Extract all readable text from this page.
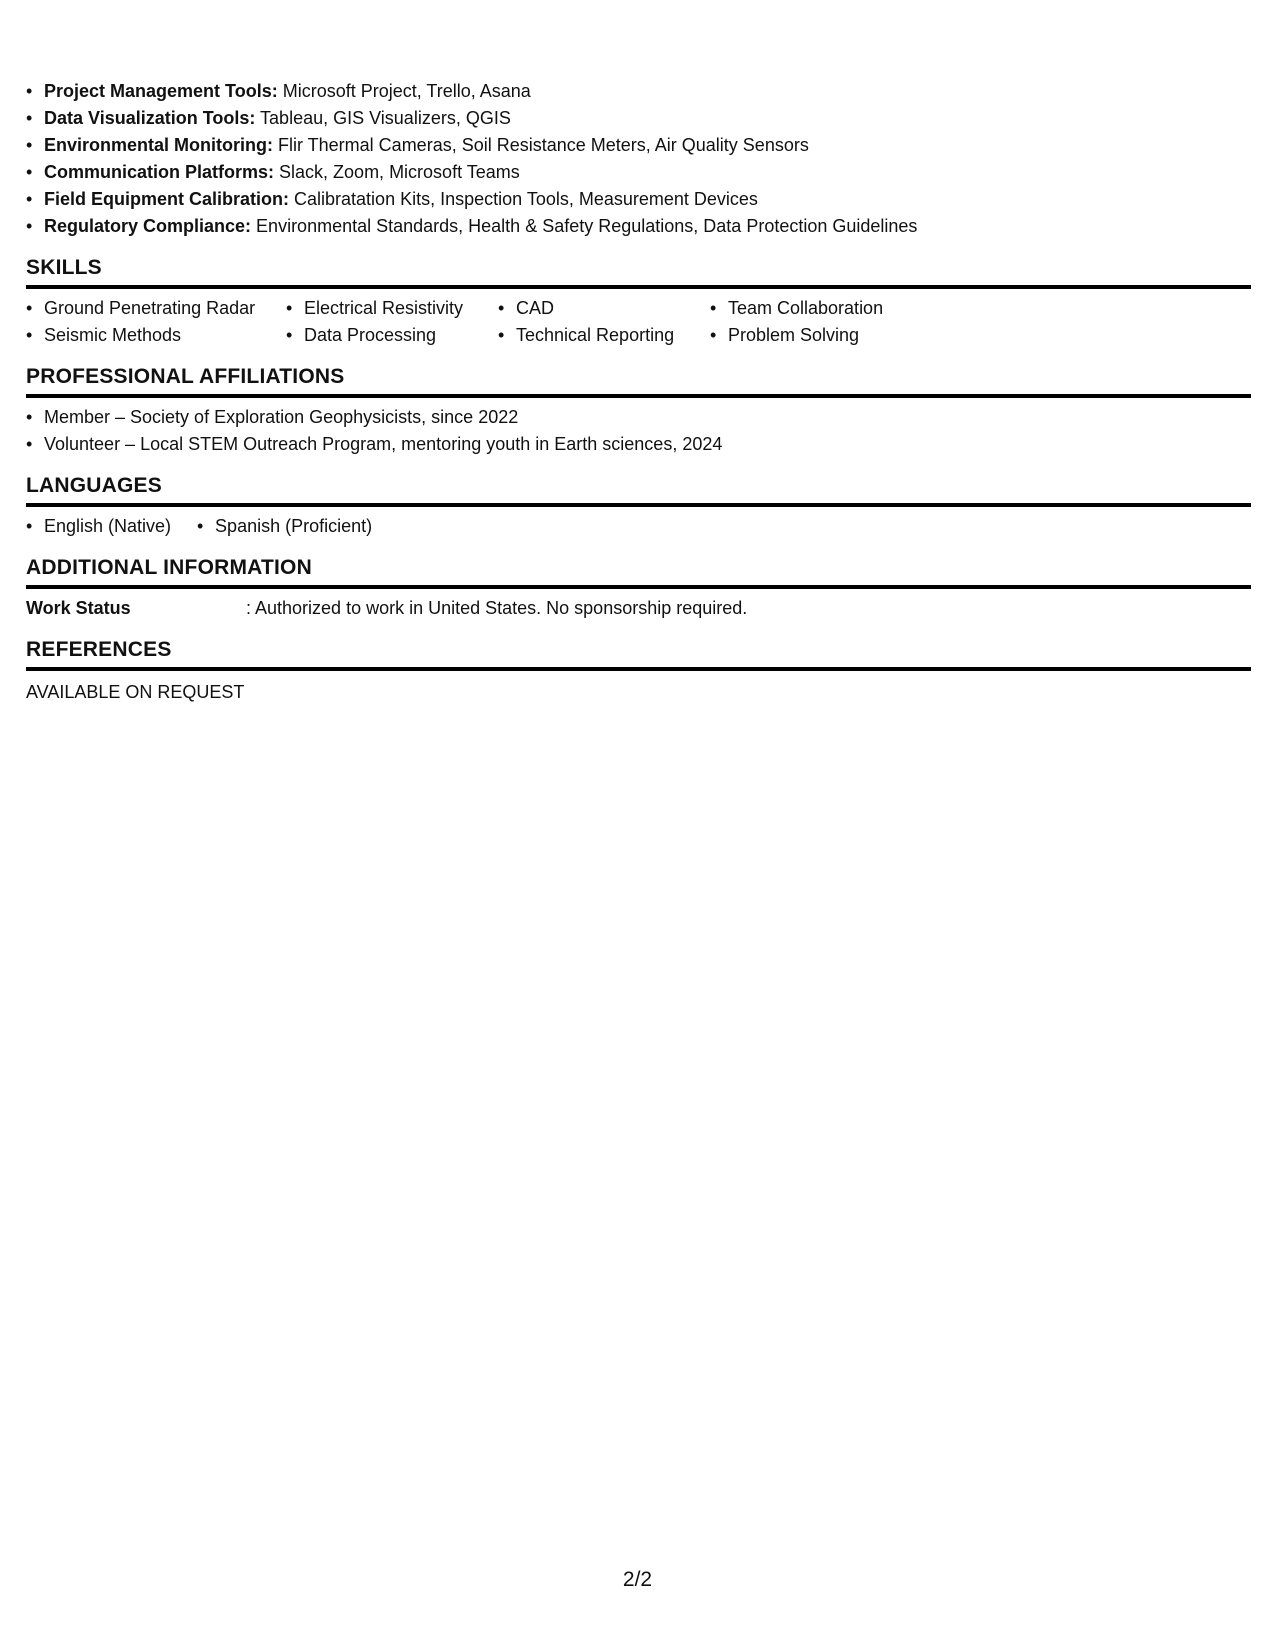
• Project Management Tools: Microsoft Project, Trello, Asana
• Data Visualization Tools: Tableau, GIS Visualizers, QGIS
• Environmental Monitoring: Flir Thermal Cameras, Soil Resistance Meters, Air Quality Sensors
• Communication Platforms: Slack, Zoom, Microsoft Teams
• Field Equipment Calibration: Calibratation Kits, Inspection Tools, Measurement Devices
• Regulatory Compliance: Environmental Standards, Health & Safety Regulations, Data Protection Guidelines
SKILLS
• Ground Penetrating Radar	• Electrical Resistivity	• CAD	• Team Collaboration
• Seismic Methods	• Data Processing	• Technical Reporting	• Problem Solving
PROFESSIONAL AFFILIATIONS
• Member – Society of Exploration Geophysicists, since 2022
• Volunteer – Local STEM Outreach Program, mentoring youth in Earth sciences, 2024
LANGUAGES
• English (Native) • Spanish (Proficient)
ADDITIONAL INFORMATION
Work Status	: Authorized to work in United States. No sponsorship required.
REFERENCES
AVAILABLE ON REQUEST
2/2
